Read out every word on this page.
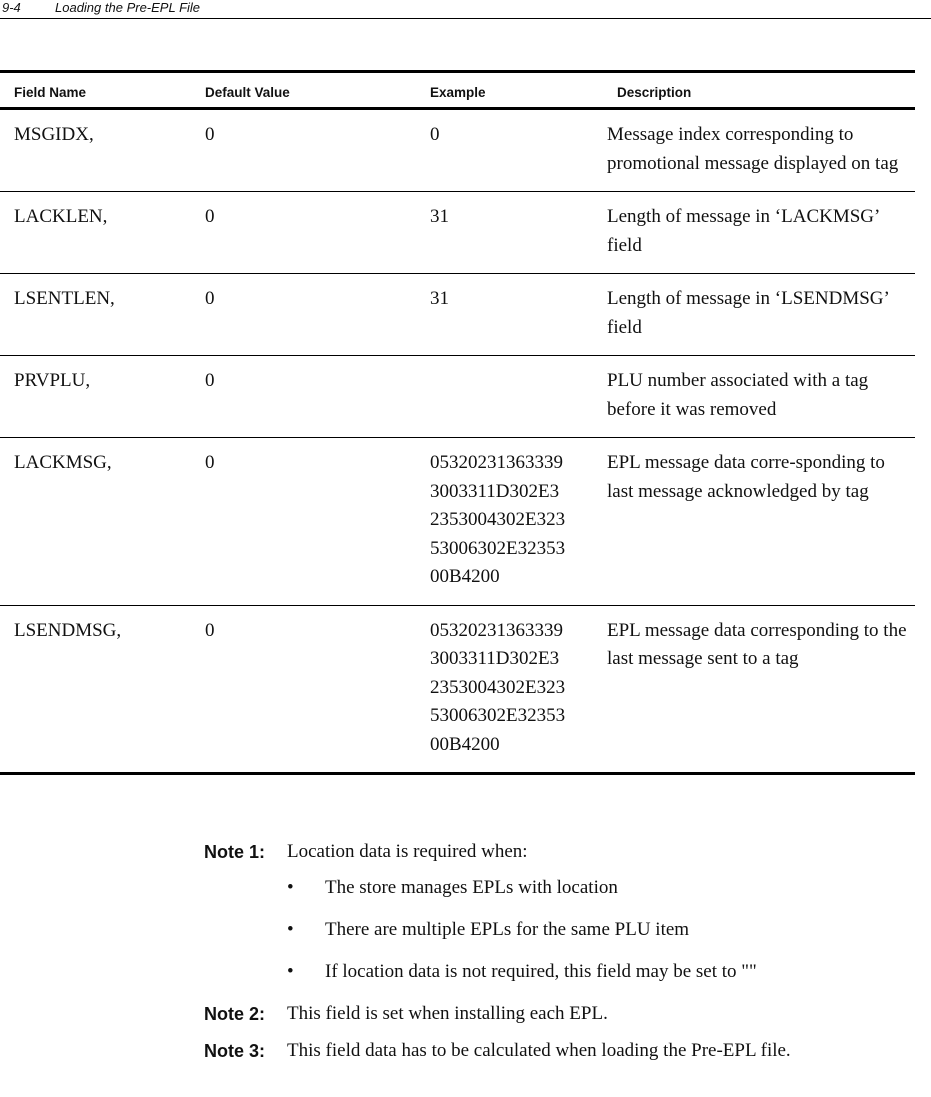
9-4	Loading the Pre-EPL File
Field Name	Default Value	Example	Description
MSGIDX,	0	0	Message index corresponding to promotional message displayed on tag
LACKLEN,	0	31	Length of message in ‘LACKMSG’ field
LSENTLEN,	0	31	Length of message in ‘LSENDMSG’ field
PRVPLU,	0		PLU number associated with a tag before it was removed
LACKMSG,	0	05320231363339
3003311D302E3
2353004302E323
53006302E32353
00B4200	EPL message data corre-sponding to last message acknowledged by tag
LSENDMSG,	0	05320231363339
3003311D302E3
2353004302E323
53006302E32353
00B4200	EPL message data corresponding to the last message sent to a tag
Note 1: Location data is required when:
• The store manages EPLs with location
• There are multiple EPLs for the same PLU item
• If location data is not required, this field may be set to ""
Note 2: This field is set when installing each EPL.
Note 3: This field data has to be calculated when loading the Pre-EPL file.
